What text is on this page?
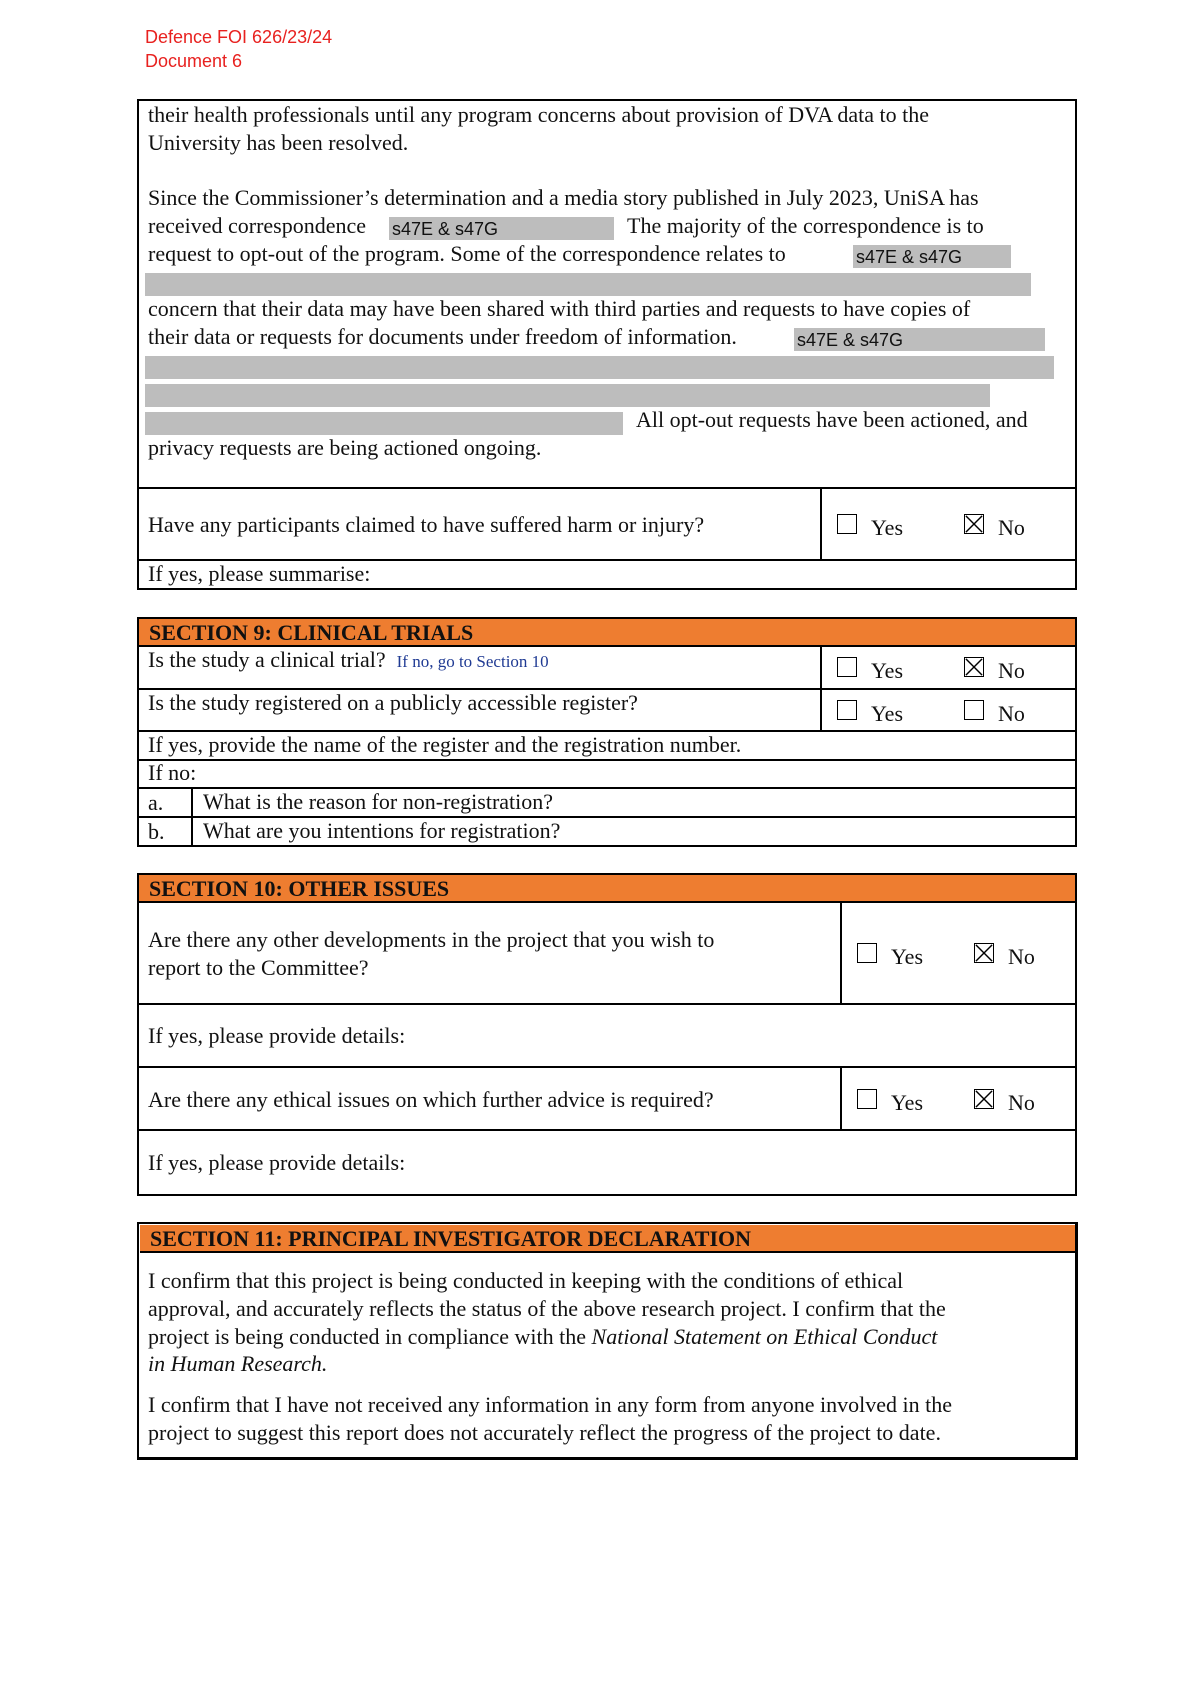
Defence FOI 626/23/24
Document 6
their health professionals until any program concerns about provision of DVA data to the
University has been resolved.
Since the Commissioner’s determination and a media story published in July 2023, UniSA has
received correspondence s47E & s47G	The majority of the correspondence is to
request to opt-out of the program. Some of the correspondence relates to	s47E & s47G
concern that their data may have been shared with third parties and requests to have copies of
their data or requests for documents under freedom of information.	s47E & s47G
All opt-out requests have been actioned, and
privacy requests are being actioned ongoing.
Have any participants claimed to have suffered harm or injury?	Yes	No
If yes, please summarise:
SECTION 9: CLINICAL TRIALS
Is the study a clinical trial? If no, go to Section 10	Yes	No
Is the study registered on a publicly accessible register?	Yes	No
If yes, provide the name of the register and the registration number.
If no:
a. What is the reason for non-registration?
b. What are you intentions for registration?
SECTION 10: OTHER ISSUES
Are there any other developments in the project that you wish to
report to the Committee?	Yes	No
If yes, please provide details:
Are there any ethical issues on which further advice is required?	Yes	No
If yes, please provide details:
SECTION 11: PRINCIPAL INVESTIGATOR DECLARATION
I confirm that this project is being conducted in keeping with the conditions of ethical
approval, and accurately reflects the status of the above research project. I confirm that the
project is being conducted in compliance with the National Statement on Ethical Conduct
in Human Research.
I confirm that I have not received any information in any form from anyone involved in the
project to suggest this report does not accurately reflect the progress of the project to date.
